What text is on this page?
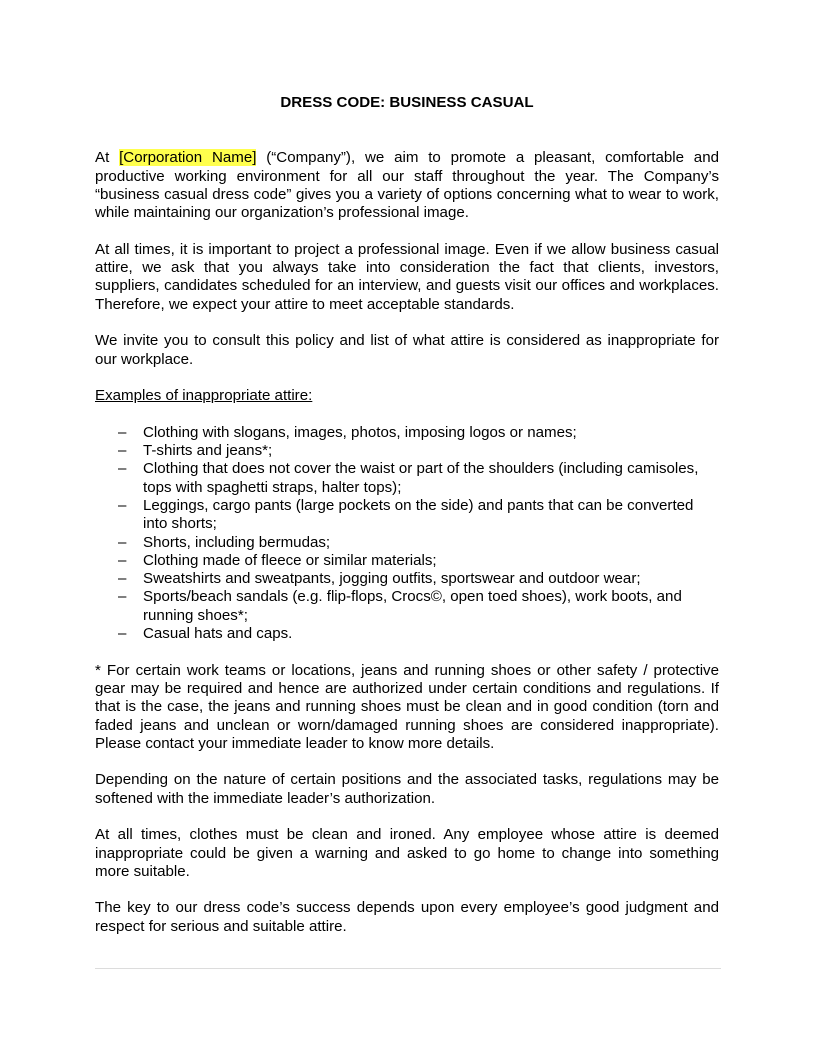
DRESS CODE: BUSINESS CASUAL

At [Corporation Name] (“Company”), we aim to promote a pleasant, comfortable and productive working environment for all our staff throughout the year. The Company’s “business casual dress code” gives you a variety of options concerning what to wear to work, while maintaining our organization’s professional image.

At all times, it is important to project a professional image. Even if we allow business casual attire, we ask that you always take into consideration the fact that clients, investors, suppliers, candidates scheduled for an interview, and guests visit our offices and workplaces. Therefore, we expect your attire to meet acceptable standards.

We invite you to consult this policy and list of what attire is considered as inappropriate for our workplace.

Examples of inappropriate attire:
– Clothing with slogans, images, photos, imposing logos or names;
– T-shirts and jeans*;
– Clothing that does not cover the waist or part of the shoulders (including camisoles, tops with spaghetti straps, halter tops);
– Leggings, cargo pants (large pockets on the side) and pants that can be converted into shorts;
– Shorts, including bermudas;
– Clothing made of fleece or similar materials;
– Sweatshirts and sweatpants, jogging outfits, sportswear and outdoor wear;
– Sports/beach sandals (e.g. flip-flops, Crocs©, open toed shoes), work boots, and running shoes*;
– Casual hats and caps.

* For certain work teams or locations, jeans and running shoes or other safety / protective gear may be required and hence are authorized under certain conditions and regulations. If that is the case, the jeans and running shoes must be clean and in good condition (torn and faded jeans and unclean or worn/damaged running shoes are considered inappropriate). Please contact your immediate leader to know more details.

Depending on the nature of certain positions and the associated tasks, regulations may be softened with the immediate leader’s authorization.

At all times, clothes must be clean and ironed. Any employee whose attire is deemed inappropriate could be given a warning and asked to go home to change into something more suitable.

The key to our dress code’s success depends upon every employee’s good judgment and respect for serious and suitable attire.
